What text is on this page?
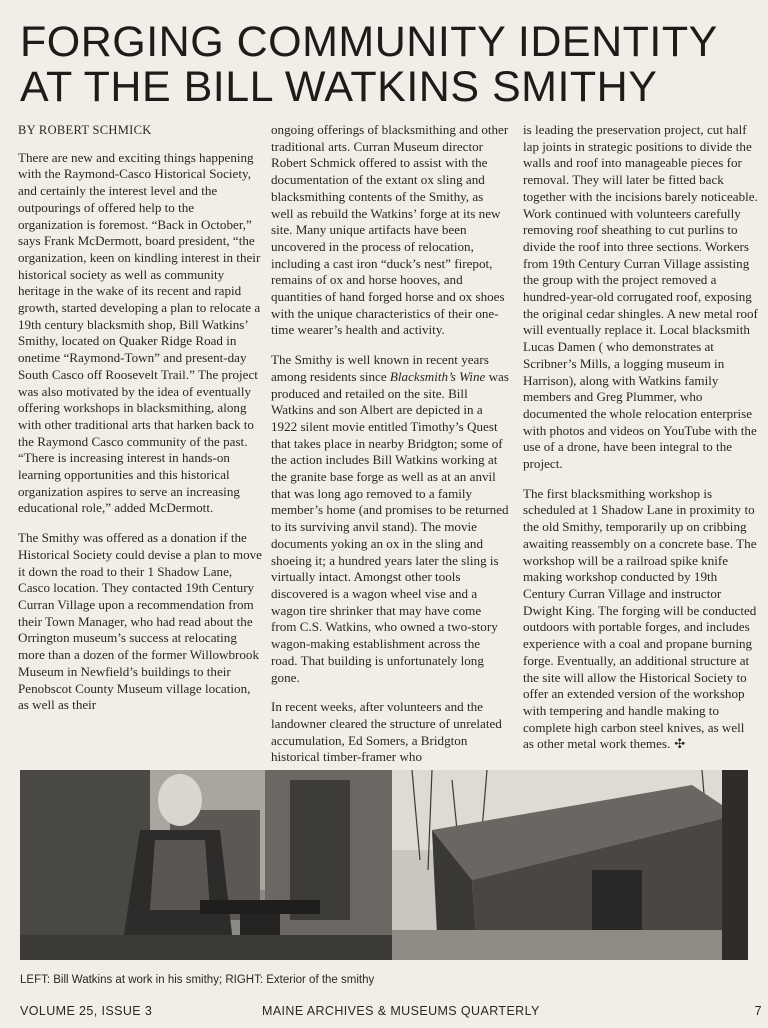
FORGING COMMUNITY IDENTITY
AT THE BILL WATKINS SMITHY
BY ROBERT SCHMICK

There are new and exciting things happening with the Raymond-Casco Historical Society, and certainly the interest level and the outpourings of offered help to the organization is foremost. “Back in October,” says Frank McDermott, board president, “the organization, keen on kindling interest in their historical society as well as community heritage in the wake of its recent and rapid growth, started developing a plan to relocate a 19th century blacksmith shop, Bill Watkins’ Smithy, located on Quaker Ridge Road in onetime “Raymond-Town” and present-day South Casco off Roosevelt Trail.” The project was also motivated by the idea of eventually offering workshops in blacksmithing, along with other traditional arts that harken back to the Raymond Casco community of the past. “There is increasing interest in hands-on learning opportunities and this historical organization aspires to serve an increasing educational role,” added McDermott.

The Smithy was offered as a donation if the Historical Society could devise a plan to move it down the road to their 1 Shadow Lane, Casco location. They contacted 19th Century Curran Village upon a recommendation from their Town Manager, who had read about the Orrington museum’s success at relocating more than a dozen of the former Willowbrook Museum in Newfield’s buildings to their Penobscot County Museum village location, as well as their

ongoing offerings of blacksmithing and other traditional arts. Curran Museum director Robert Schmick offered to assist with the documentation of the extant ox sling and blacksmithing contents of the Smithy, as well as rebuild the Watkins’ forge at its new site. Many unique artifacts have been uncovered in the process of relocation, including a cast iron “duck’s nest” firepot, remains of ox and horse hooves, and quantities of hand forged horse and ox shoes with the unique characteristics of their one-time wearer’s health and activity.

The Smithy is well known in recent years among residents since Blacksmith’s Wine was produced and retailed on the site. Bill Watkins and son Albert are depicted in a 1922 silent movie entitled Timothy’s Quest that takes place in nearby Bridgton; some of the action includes Bill Watkins working at the granite base forge as well as at an anvil that was long ago removed to a family member’s home (and promises to be returned to its surviving anvil stand). The movie documents yoking an ox in the sling and shoeing it; a hundred years later the sling is virtually intact. Amongst other tools discovered is a wagon wheel vise and a wagon tire shrinker that may have come from C.S. Watkins, who owned a two-story wagon-making establishment across the road. That building is unfortunately long gone.

In recent weeks, after volunteers and the landowner cleared the structure of unrelated accumulation, Ed Somers, a Bridgton historical timber-framer who

is leading the preservation project, cut half lap joints in strategic positions to divide the walls and roof into manageable pieces for removal. They will later be fitted back together with the incisions barely noticeable. Work continued with volunteers carefully removing roof sheathing to cut purlins to divide the roof into three sections. Workers from 19th Century Curran Village assisting the group with the project removed a hundred-year-old corrugated roof, exposing the original cedar shingles. A new metal roof will eventually replace it. Local blacksmith Lucas Damen ( who demonstrates at Scribner’s Mills, a logging museum in Harrison), along with Watkins family members and Greg Plummer, who documented the whole relocation enterprise with photos and videos on YouTube with the use of a drone, have been integral to the project.

The first blacksmithing workshop is scheduled at 1 Shadow Lane in proximity to the old Smithy, temporarily up on cribbing awaiting reassembly on a concrete base. The workshop will be a railroad spike knife making workshop conducted by 19th Century Curran Village and instructor Dwight King. The forging will be conducted outdoors with portable forges, and includes experience with a coal and propane burning forge. Eventually, an additional structure at the site will allow the Historical Society to offer an extended version of the workshop with tempering and handle making to complete high carbon steel knives, as well as other metal work themes. ✣

LEFT: Bill Watkins at work in his smithy; RIGHT: Exterior of the smithy
VOLUME 25, ISSUE 3	MAINE ARCHIVES & MUSEUMS QUARTERLY	7
